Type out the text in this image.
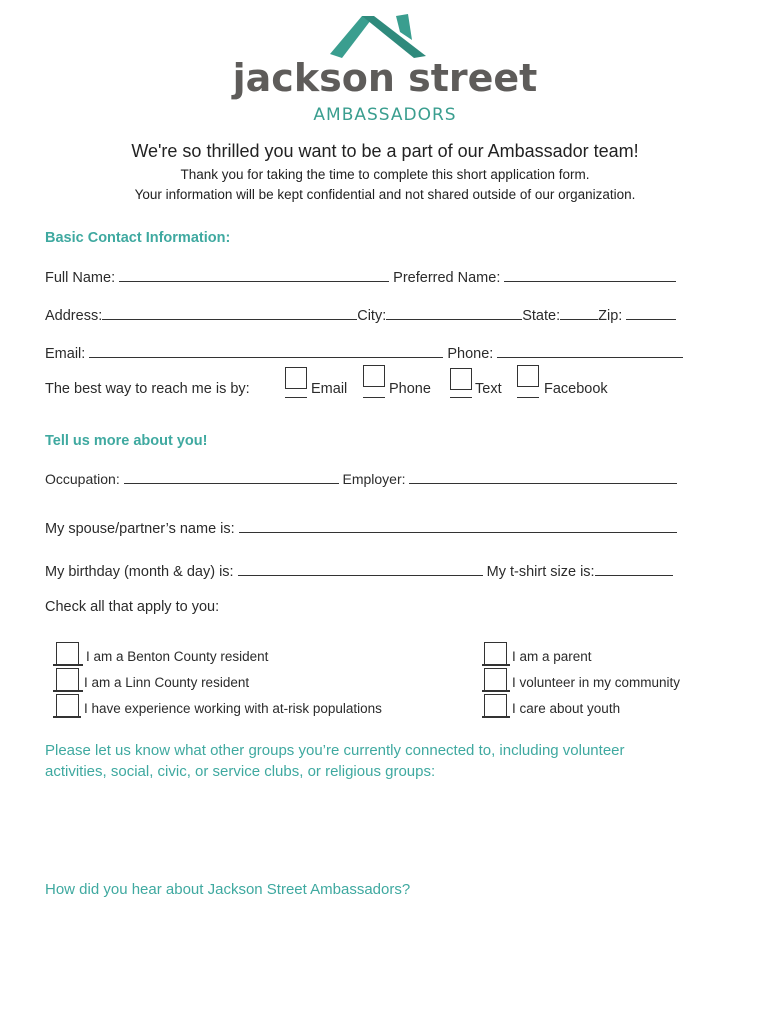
jackson street
AMBASSADORS
We're so thrilled you want to be a part of our Ambassador team!
Thank you for taking the time to complete this short application form.
Your information will be kept confidential and not shared outside of our organization.
Basic Contact Information:
Full Name:	Preferred Name:
Address:	City:	State:	Zip:
Email:	Phone:
The best way to reach me is by:	Email	Phone	Text	Facebook
Tell us more about you!
Occupation:	Employer:
My spouse/partner’s name is:
My birthday (month & day) is:	My t-shirt size is:
Check all that apply to you:
I am a Benton County resident
I am a Linn County resident
I have experience working with at-risk populations
I am a parent
I volunteer in my community
I care about youth
Please let us know what other groups you’re currently connected to, including volunteer
activities, social, civic, or service clubs, or religious groups:
How did you hear about Jackson Street Ambassadors?
